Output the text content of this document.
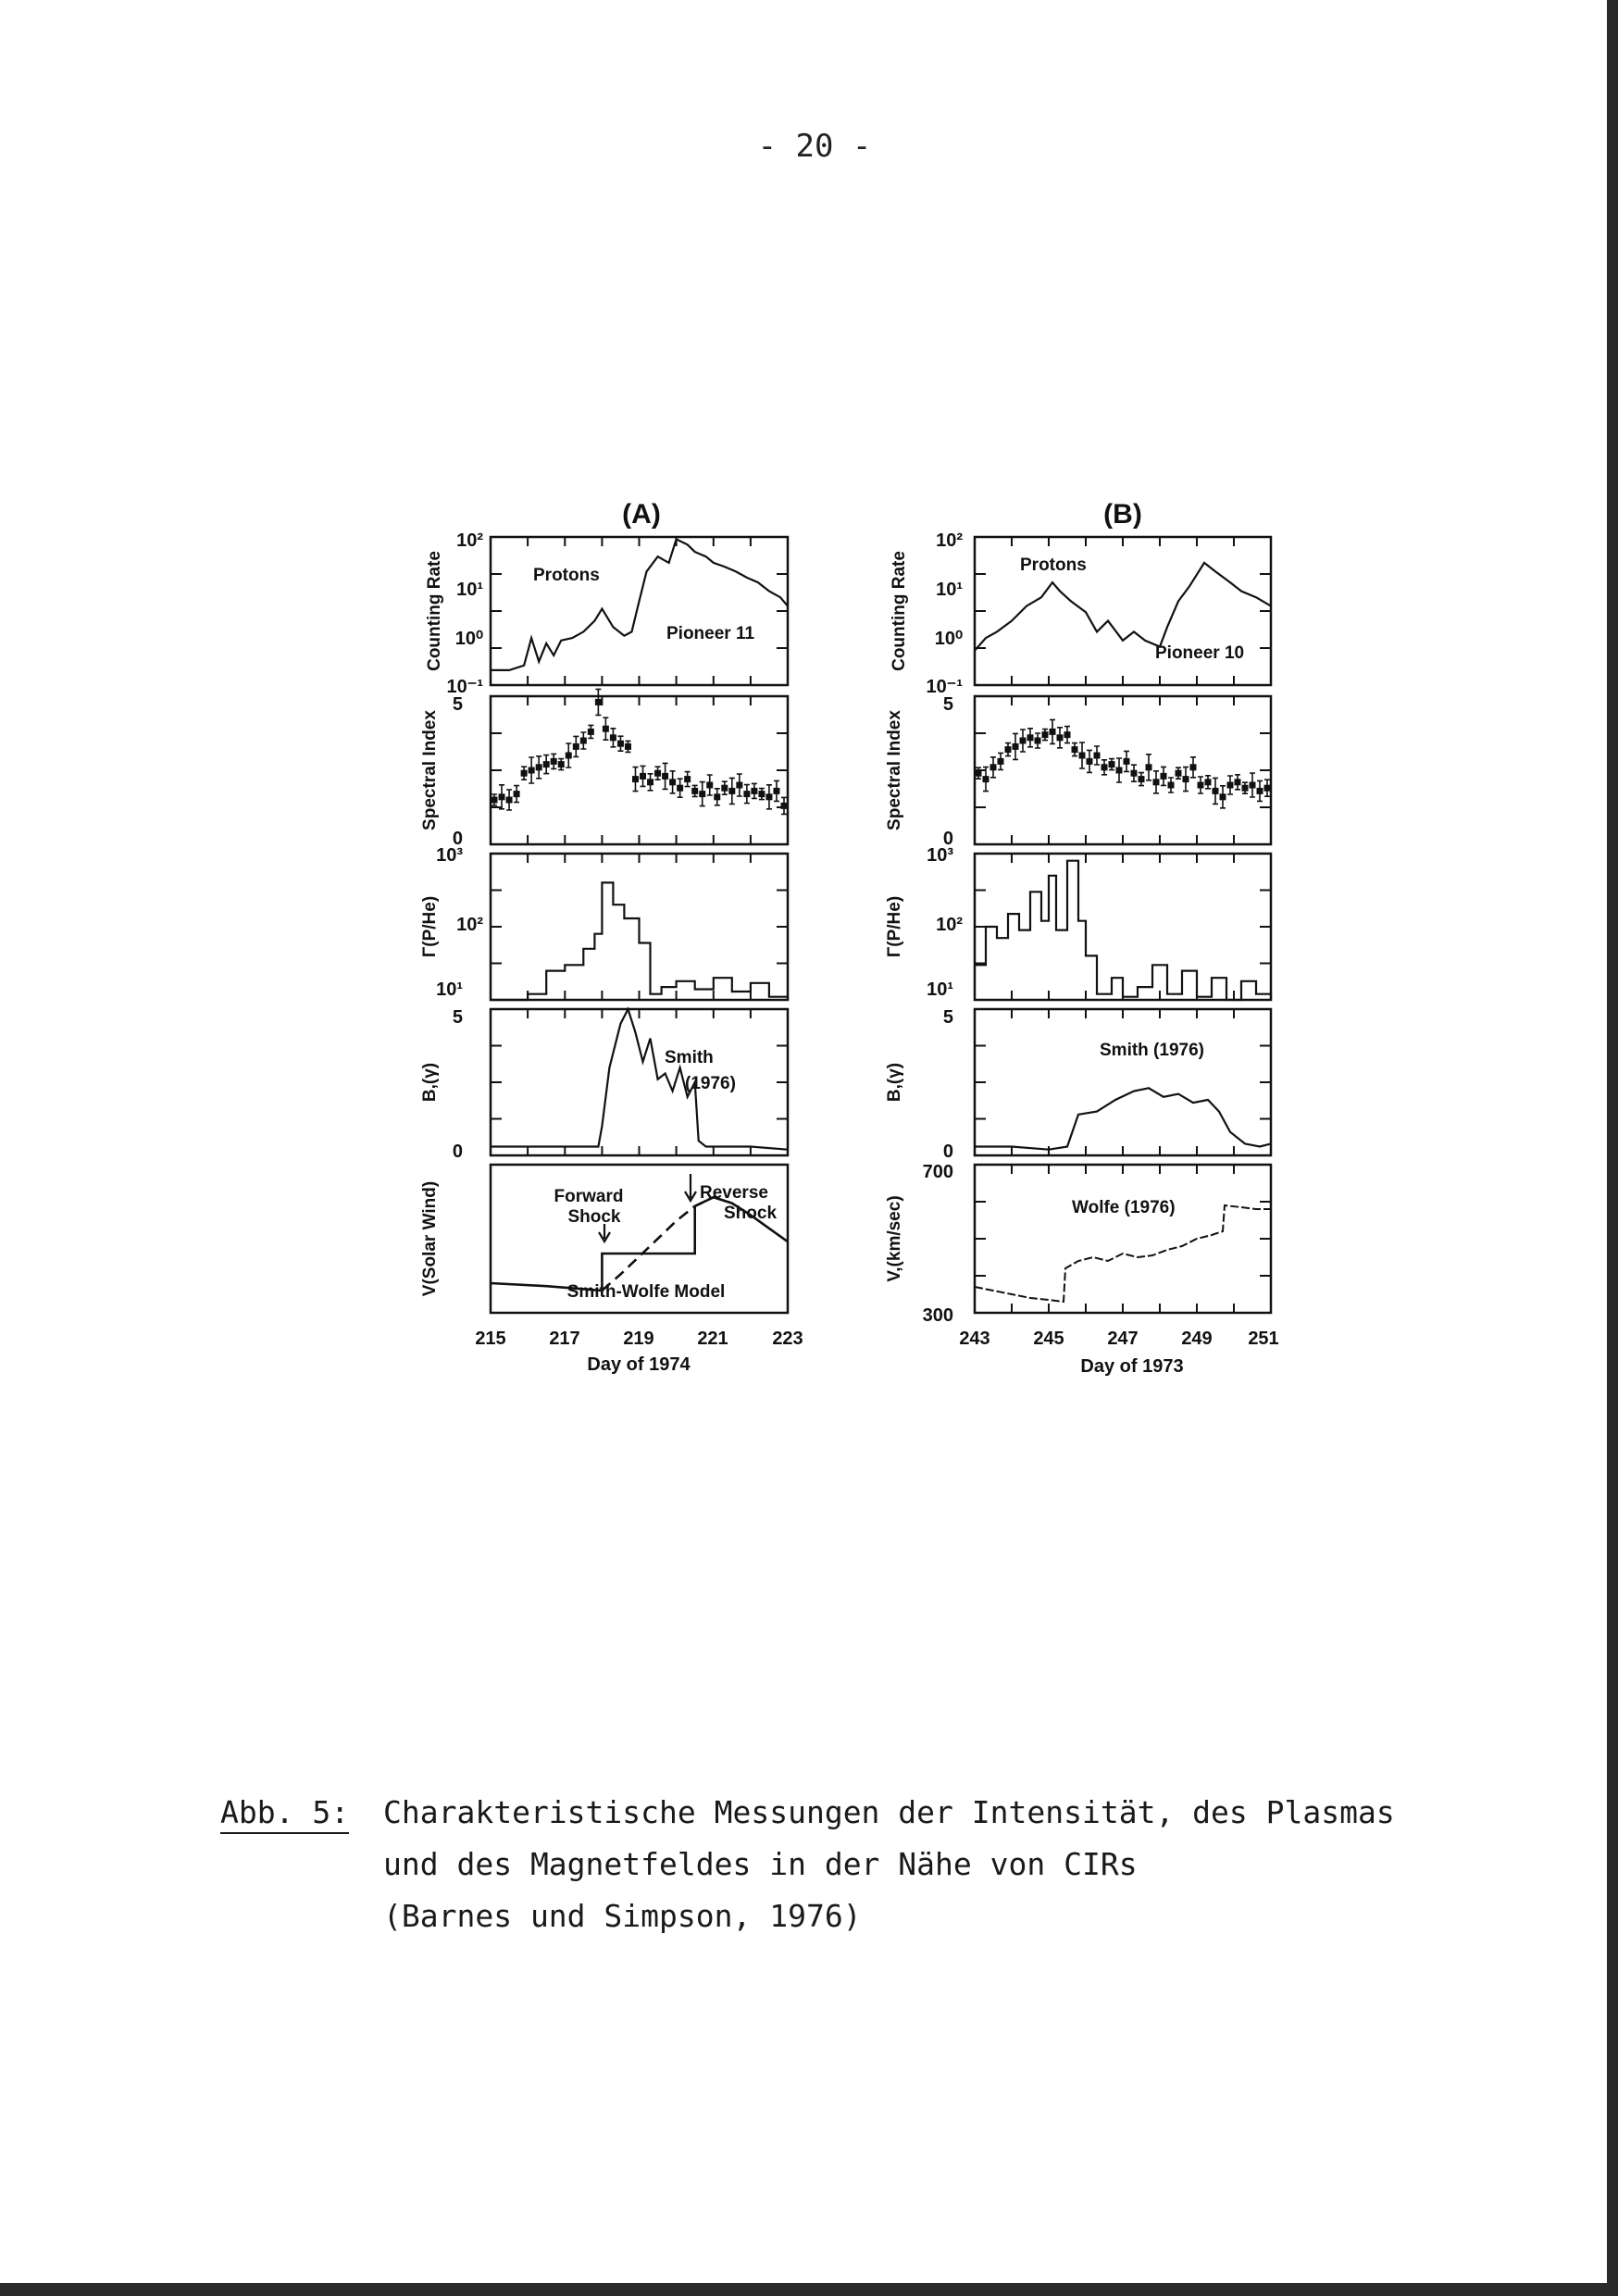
- 20 -
(A)	(B)
10²
10¹
10⁰
10⁻¹
Counting Rate	Protons
Pioneer 11
5
0
Spectral Index
10³
10²
10¹
Γ(P/He)
5
0
B,(γ)
Smith
(1976)
V(Solar Wind)	Forward
Shock
Reverse
Shock
Smith-Wolfe Model
215 217 219 221 223
Day of 1974
10²
10¹
10⁰
10⁻¹
Counting Rate	Protons
Pioneer 10
5
0
Spectral Index
10³
10²
10¹
Γ(P/He)
5
0
B,(γ)
Smith (1976)
700
300
V,(km/sec)	Wolfe (1976)
243 245 247 249 251
Day of 1973
Abb. 5: Charakteristische Messungen der Intensität, des Plasmas
und des Magnetfeldes in der Nähe von CIRs
(Barnes und Simpson, 1976)
